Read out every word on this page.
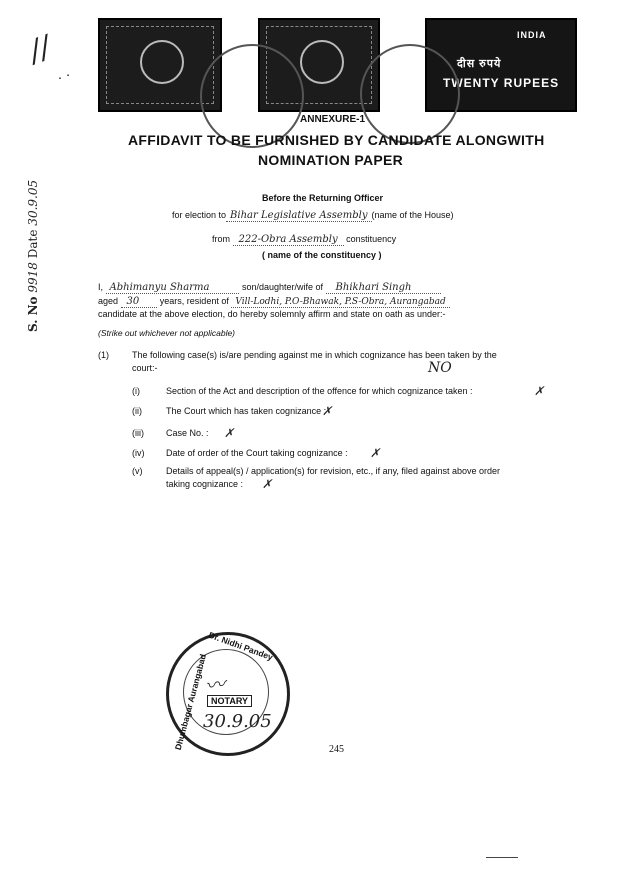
//
. ·
दीस रुपये
TWENTY RUPEES
INDIA
S. No 9918 Date 30.9.05
ANNEXURE-1
AFFIDAVIT TO BE FURNISHED BY CANDIDATE ALONGWITH
NOMINATION PAPER
Before the Returning Officer
for election to Bihar Legislative Assembly (name of the House)
from 222-Obra Assembly constituency
( name of the constituency )
I, Abhimanyu Sharma	son/daughter/wife of Bhikhari Singh
aged 30 years, resident of Vill-Lodhi, P.O-Bhawak, P.S-Obra, Aurangabad
candidate at the above election, do hereby solemnly affirm and state on oath as under:-
(Strike out whichever not applicable)
(1)	The following case(s) is/are pending against me in which cognizance has been taken by the
court:-	NO
(i)	Section of the Act and description of the offence for which cognizance taken :	✗
(ii)	The Court which has taken cognizance :
✗
(iii) Case No. : ✗
(iv) Date of order of the Court taking cognizance : ✗
(v)	Details of appeal(s) / application(s) for revision, etc., if any, filed against above order
taking cognizance : ✗
Dr. Nidhi Pandey
Dhumbagar Aurangabad NOTARY
30.9.05
〰
245
